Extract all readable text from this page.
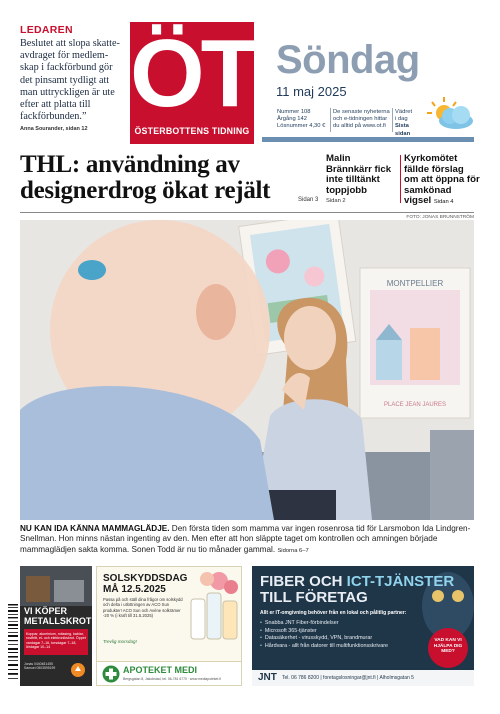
LEDAREN
Beslutet att slopa skatte-avdraget för medlem-skap i fackförbund gör det pinsamt tydligt att man uttryckligen är ute efter att platta till fackförbunden.”
Anna Sourander, sidan 12
ÖT
ÖSTERBOTTENS TIDNING
Söndag
11 maj 2025
Nummer 108
Årgång 142
Lösnummer 4,30 €
De senaste nyheterna
och e-tidningen hittar
du alltid på www.ot.fi
Vädret
i dag
Sista sidan
THL: användning av designerdrog ökat rejält	Sidan 3
Malin Brännkärr fick inte tilltänkt toppjobb
Sidan 2
Kyrkomötet fällde förslag om att öppna för samkönad vigsel Sidan 4
FOTO: JONAS BRUNNSTRÖM
MONTPELLIER
PLACE JEAN JAURES
NU KAN IDA KÄNNA MAMMAGLÄDJE. Den första tiden som mamma var ingen rosenrosa tid för Larsmobon Ida Lindgren-Snellman. Hon minns nästan ingenting av den. Men efter att hon släppte taget om kontrollen och amningen började mammaglädjen sakta komma. Sonen Todd är nu tio månader gammal. Sidorna 6–7
VI KÖPER METALLSKROT
Koppar, aluminium, mässing, kablar, rostfritt, el- och elektronikskrot. Öppet vardagar 7–16, torsdagar 7–18, lördagar 10–14
Jonas 0440481455 Samuel 0503595199
SOLSKYDDSDAG MÅ 12.5.2025
Passa på och ställ dina frågor om solskydd och delta i utlottningen av ACO Sun produkter! ACO Sun och Avène solkrämer -20 % (i kraft till 31.5.2025)
Trevlig morsdag!
APOTEKET MEDI
Bergsgatan 8, Jakobstad, tel. 06-781 6770 · www.mediapoteket.fi
FIBER OCH ICT-TJÄNSTER
TILL FÖRETAG
Allt er IT-omgivning behöver från en lokal och pålitlig partner:
• Snabba JNT Fiber-förbindelser
• Microsoft 365-tjänster
• Datasäkerhet - virusskydd, VPN, brandmurar
• Hårdvara - allt från datorer till multifunktionsskrivare
VAD KAN VI HJÄLPA DIG MED?
JNT Tel. 06 786 8200 | foretagslosningar@jnt.fi | Alholmsgatan 5
